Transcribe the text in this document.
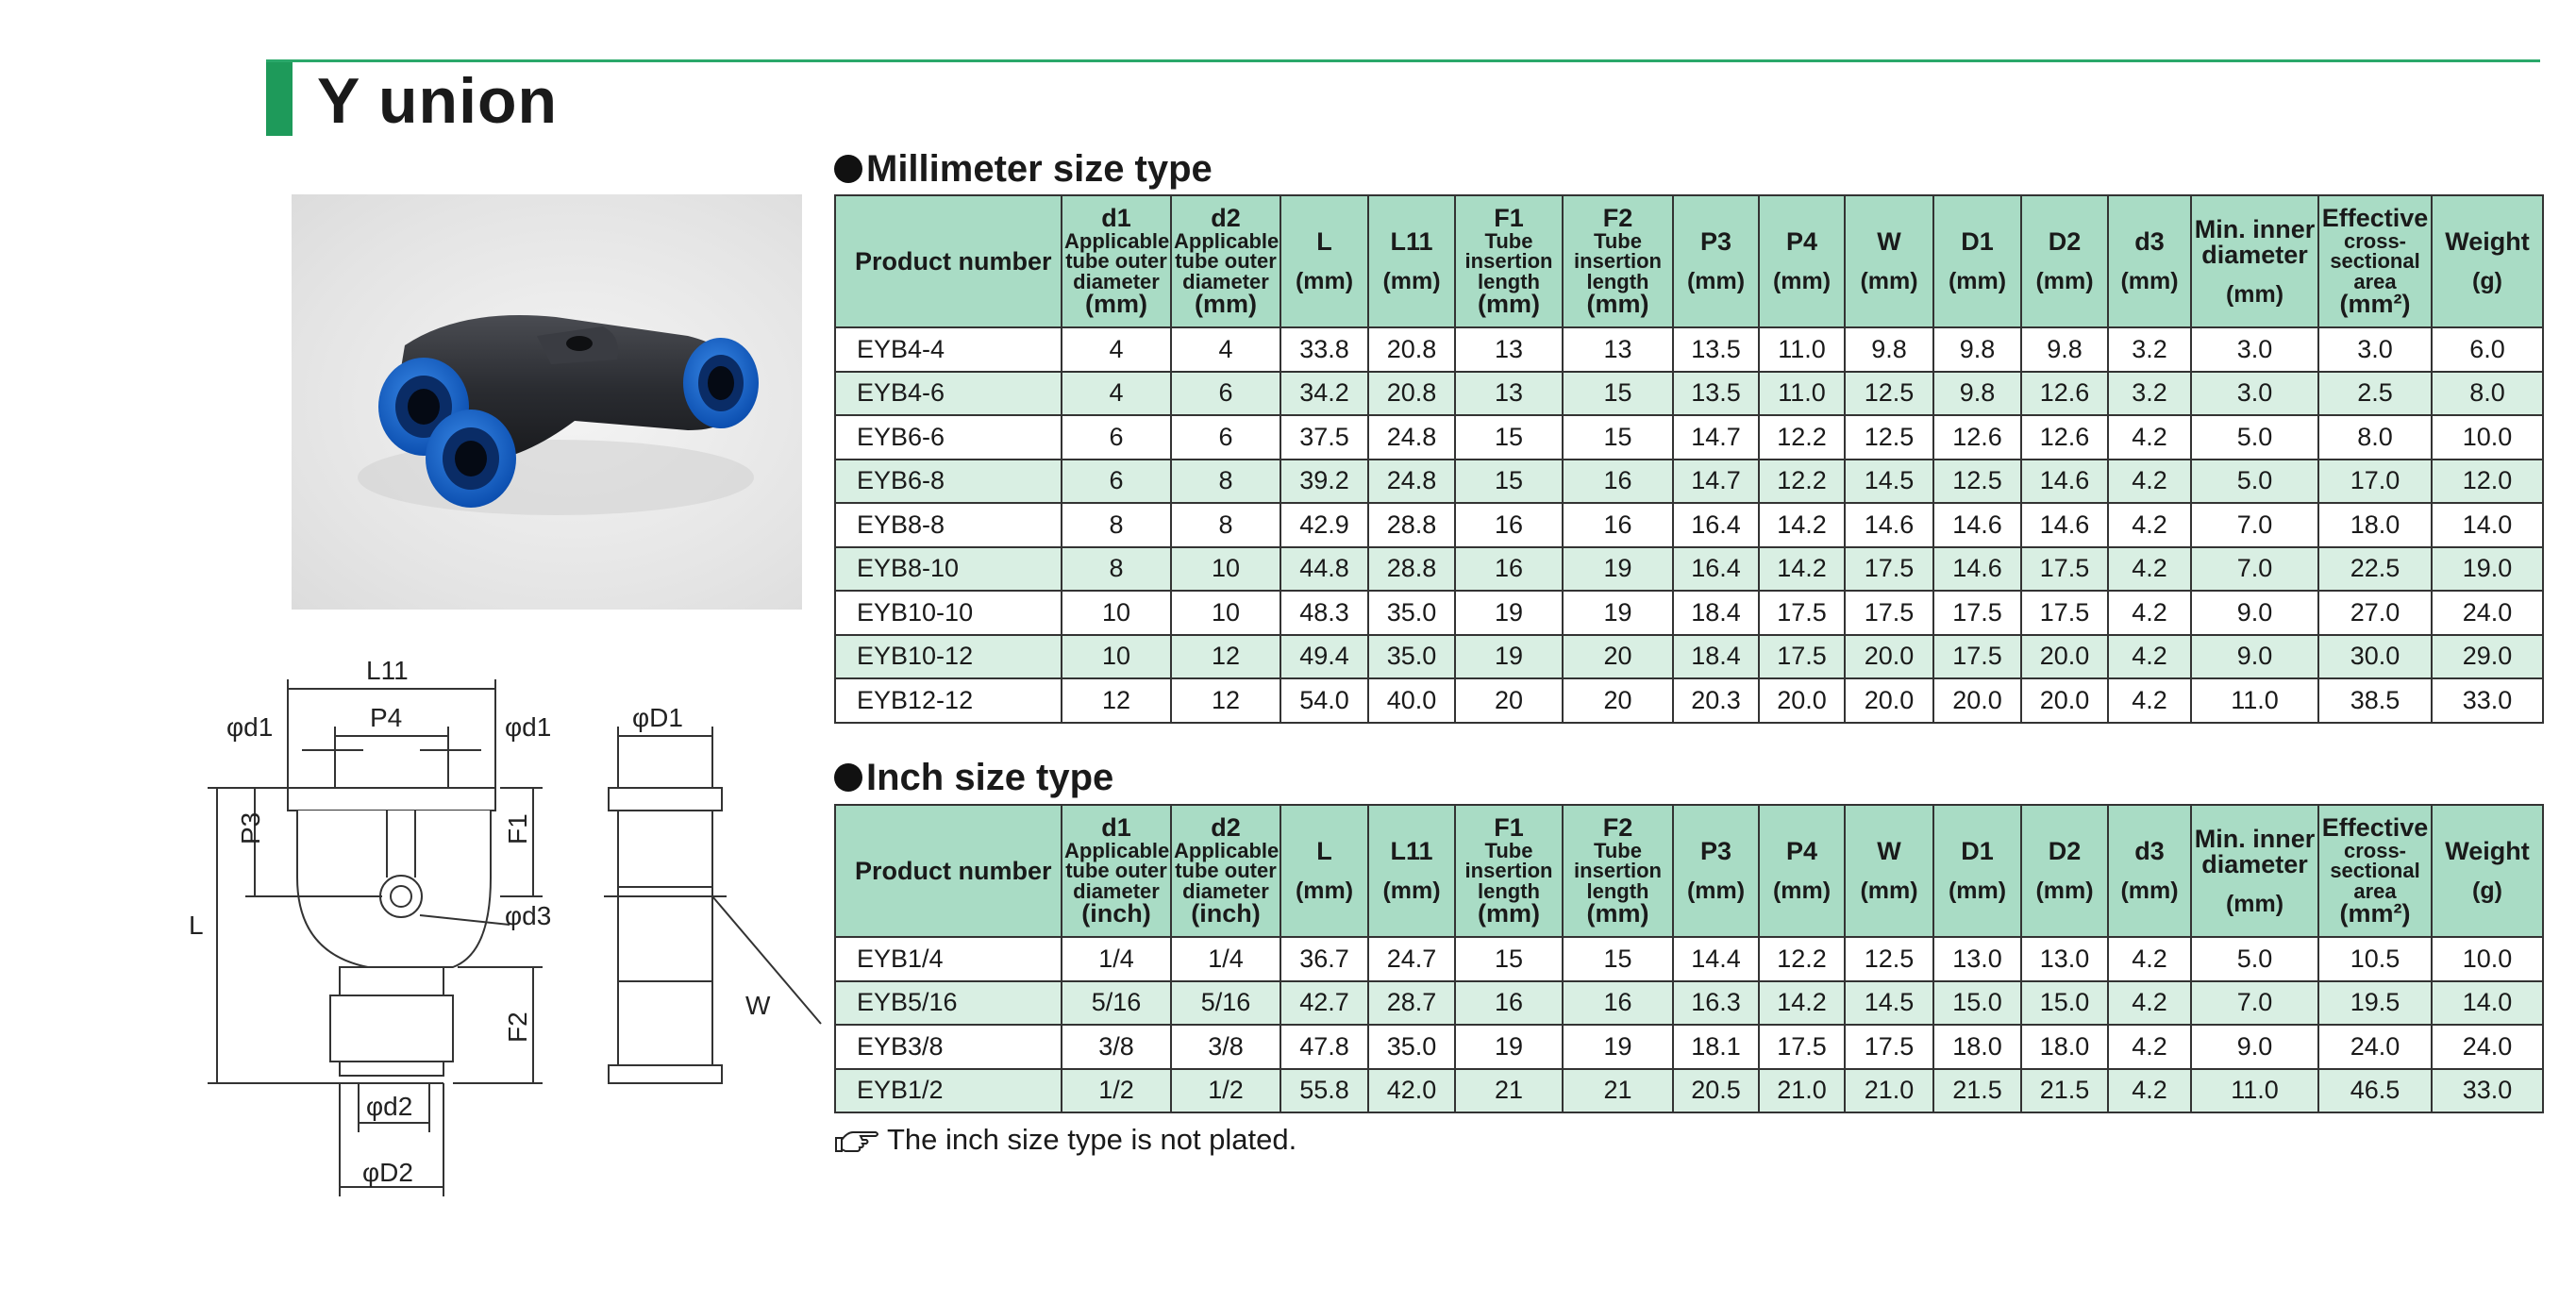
Y union
L11
P4
φd1	φd1
L
P3	F1
φd3
F2
φd2
φD2
φD1
W
Millimeter size type
Product number	d1
Applicable
tube outer
diameter
(mm)	d2
Applicable
tube outer
diameter
(mm)	L
(mm)	L11
(mm)	F1
Tube
insertion
length
(mm)	F2
Tube
insertion
length
(mm)	P3
(mm)	P4
(mm)	W
(mm)	D1
(mm)	D2
(mm)	d3
(mm)	Min. inner
diameter
(mm)	Effective
cross-
sectional
area
(mm²)	Weight
(g)

EYB4-4	4	4	33.8	20.8	13	13	13.5	11.0	9.8	9.8	9.8	3.2	3.0	3.0	6.0
EYB4-6	4	6	34.2	20.8	13	15	13.5	11.0	12.5	9.8	12.6	3.2	3.0	2.5	8.0
EYB6-6	6	6	37.5	24.8	15	15	14.7	12.2	12.5	12.6	12.6	4.2	5.0	8.0	10.0
EYB6-8	6	8	39.2	24.8	15	16	14.7	12.2	14.5	12.5	14.6	4.2	5.0	17.0	12.0
EYB8-8	8	8	42.9	28.8	16	16	16.4	14.2	14.6	14.6	14.6	4.2	7.0	18.0	14.0
EYB8-10	8	10	44.8	28.8	16	19	16.4	14.2	17.5	14.6	17.5	4.2	7.0	22.5	19.0
EYB10-10	10	10	48.3	35.0	19	19	18.4	17.5	17.5	17.5	17.5	4.2	9.0	27.0	24.0
EYB10-12	10	12	49.4	35.0	19	20	18.4	17.5	20.0	17.5	20.0	4.2	9.0	30.0	29.0
EYB12-12	12	12	54.0	40.0	20	20	20.3	20.0	20.0	20.0	20.0	4.2	11.0	38.5	33.0
Inch size type
Product number	d1
Applicable
tube outer
diameter
(inch)	d2
Applicable
tube outer
diameter
(inch)	L
(mm)	L11
(mm)	F1
Tube
insertion
length
(mm)	F2
Tube
insertion
length
(mm)	P3
(mm)	P4
(mm)	W
(mm)	D1
(mm)	D2
(mm)	d3
(mm)	Min. inner
diameter
(mm)	Effective
cross-
sectional
area
(mm²)	Weight
(g)

EYB1/4	1/4	1/4	36.7	24.7	15	15	14.4	12.2	12.5	13.0	13.0	4.2	5.0	10.5	10.0
EYB5/16	5/16	5/16	42.7	28.7	16	16	16.3	14.2	14.5	15.0	15.0	4.2	7.0	19.5	14.0
EYB3/8	3/8	3/8	47.8	35.0	19	19	18.1	17.5	17.5	18.0	18.0	4.2	9.0	24.0	24.0
EYB1/2	1/2	1/2	55.8	42.0	21	21	20.5	21.0	21.0	21.5	21.5	4.2	11.0	46.5	33.0
The inch size type is not plated.
